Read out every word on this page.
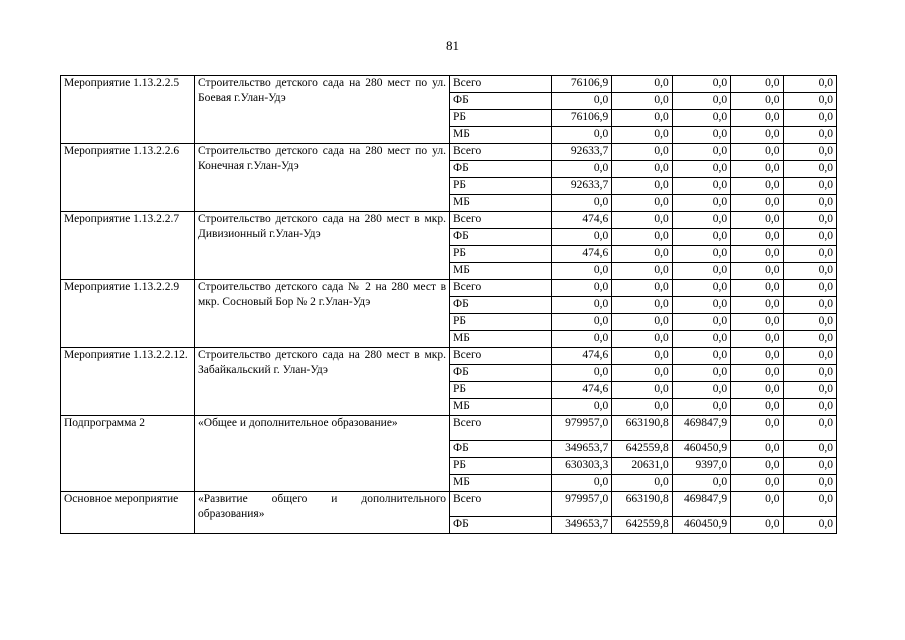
81
Мероприятие 1.13.2.2.5	Строительство детского сада на 280 мест по ул. Боевая г.Улан-Удэ	Всего	76106,9	0,0	0,0	0,0	0,0
		ФБ	0,0	0,0	0,0	0,0	0,0
		РБ	76106,9	0,0	0,0	0,0	0,0
		МБ	0,0	0,0	0,0	0,0	0,0
Мероприятие 1.13.2.2.6	Строительство детского сада на 280 мест по ул. Конечная г.Улан-Удэ	Всего	92633,7	0,0	0,0	0,0	0,0
		ФБ	0,0	0,0	0,0	0,0	0,0
		РБ	92633,7	0,0	0,0	0,0	0,0
		МБ	0,0	0,0	0,0	0,0	0,0
Мероприятие 1.13.2.2.7	Строительство детского сада на 280 мест в мкр. Дивизионный г.Улан-Удэ	Всего	474,6	0,0	0,0	0,0	0,0
		ФБ	0,0	0,0	0,0	0,0	0,0
		РБ	474,6	0,0	0,0	0,0	0,0
		МБ	0,0	0,0	0,0	0,0	0,0
Мероприятие 1.13.2.2.9	Строительство детского сада № 2 на 280 мест в мкр. Сосновый Бор № 2 г.Улан-Удэ	Всего	0,0	0,0	0,0	0,0	0,0
		ФБ	0,0	0,0	0,0	0,0	0,0
		РБ	0,0	0,0	0,0	0,0	0,0
		МБ	0,0	0,0	0,0	0,0	0,0
Мероприятие 1.13.2.2.12.	Строительство детского сада на 280 мест в мкр. Забайкальский г. Улан-Удэ	Всего	474,6	0,0	0,0	0,0	0,0
		ФБ	0,0	0,0	0,0	0,0	0,0
		РБ	474,6	0,0	0,0	0,0	0,0
		МБ	0,0	0,0	0,0	0,0	0,0
Подпрограмма 2	«Общее и дополнительное образование»	Всего	979957,0	663190,8	469847,9	0,0	0,0
		ФБ	349653,7	642559,8	460450,9	0,0	0,0
		РБ	630303,3	20631,0	9397,0	0,0	0,0
		МБ	0,0	0,0	0,0	0,0	0,0
Основное мероприятие	«Развитие общего и дополнительного образования»	Всего	979957,0	663190,8	469847,9	0,0	0,0
		ФБ	349653,7	642559,8	460450,9	0,0	0,0
